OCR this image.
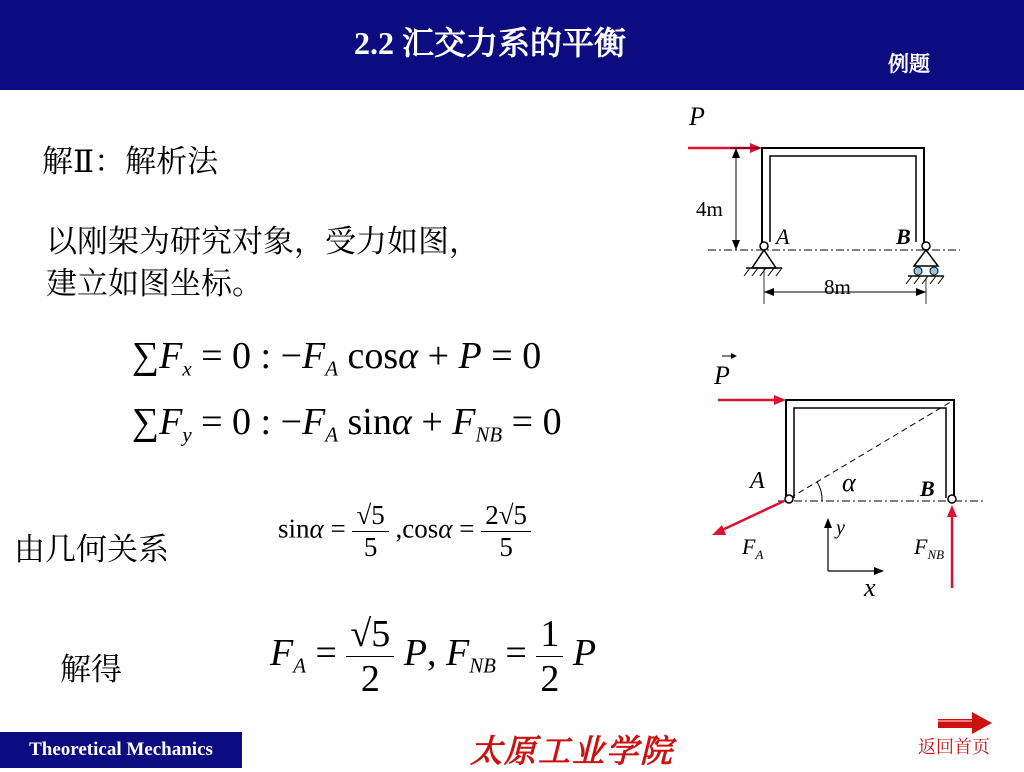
2.2 汇交力系的平衡
例题
解Ⅱ：解析法
以刚架为研究对象，受力如图，
建立如图坐标。
由几何关系
解得
$\sum F_x = 0$ : $-F_A$ cosα + P = 0
$\sum F_y = 0$ : $-F_A$ $\sin\alpha + F_{NB} = 0$
$\sin\alpha = \frac{√5}{5} ,\cos\alpha = \frac{2√5}{5}$
$F_A = \frac{√5}{2} P$, $F_{NB} = \frac{1}{2}$ P
P
4m
A	B
8m
P
A	α	B
y
x
$F_A$	$F_{NB}$
Theoretical Mechanics	太原工业学院	返回首页
